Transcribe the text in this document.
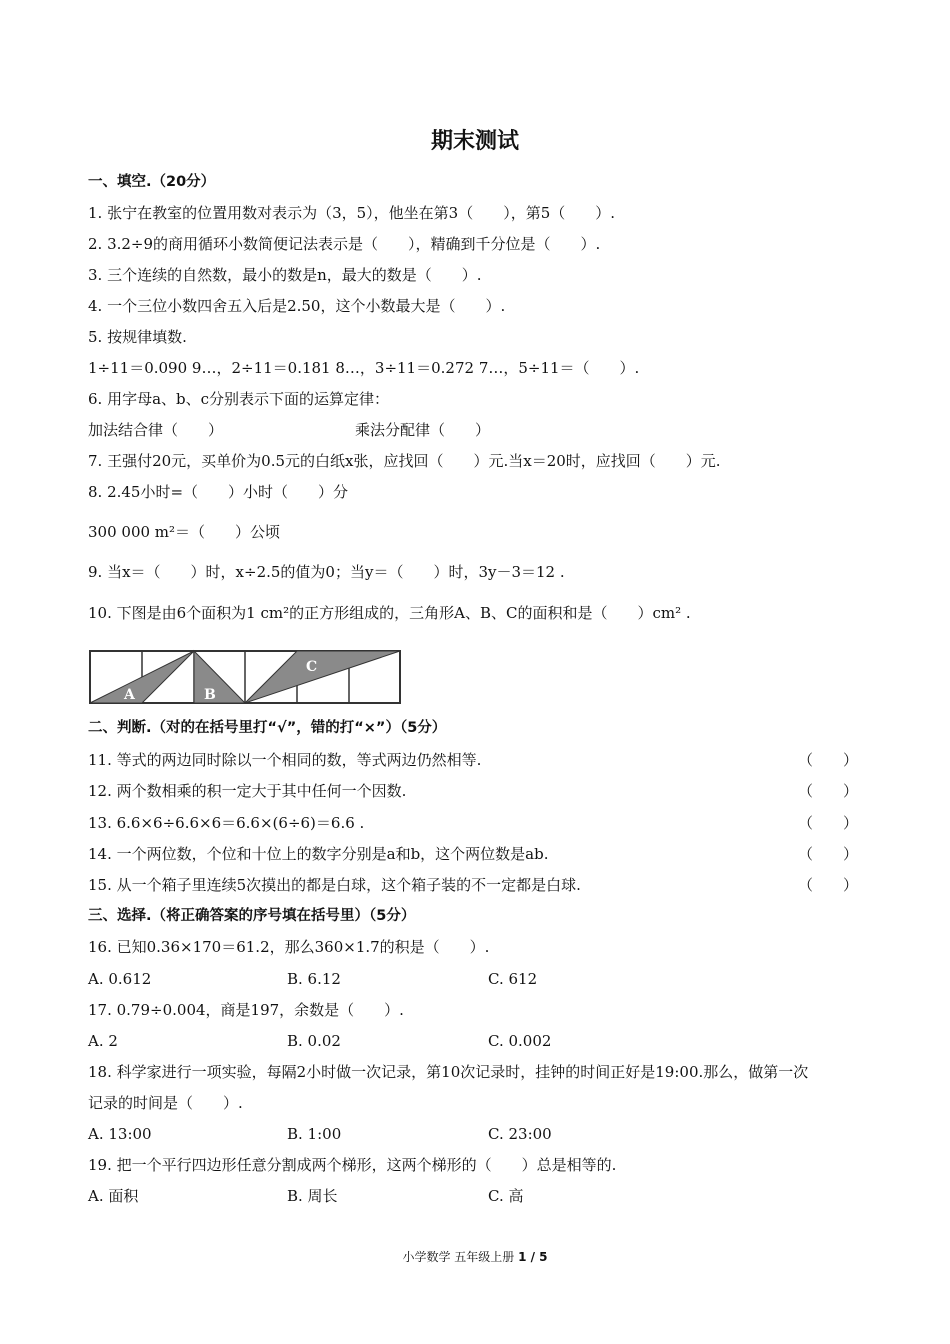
期末测试
一、填空.（20分）
1. 张宁在教室的位置用数对表示为（3，5），他坐在第3（　　），第5（　　）.
2. 3.2÷9的商用循环小数简便记法表示是（　　），精确到千分位是（　　）.
3. 三个连续的自然数，最小的数是n，最大的数是（　　）.
4. 一个三位小数四舍五入后是2.50，这个小数最大是（　　）.
5. 按规律填数.
1÷11＝0.090 9…，2÷11＝0.181 8…，3÷11＝0.272 7…，5÷11＝（　　）.
6. 用字母a、b、c分别表示下面的运算定律：
加法结合律（　　）	乘法分配律（　　）
7. 王强付20元，买单价为0.5元的白纸x张，应找回（　　）元.当x＝20时，应找回（　　）元.
8. 2.45小时=（　　）小时（　　）分
300 000 m²＝（　　）公顷
9. 当x＝（　　）时，x÷2.5的值为0；当y＝（　　）时，3y－3＝12 .
10. 下图是由6个面积为1 cm²的正方形组成的，三角形A、B、C的面积和是（　　）cm² .
A	B
C
二、判断.（对的在括号里打“√”，错的打“×”）（5分）
11. 等式的两边同时除以一个相同的数，等式两边仍然相等.	（　　）
12. 两个数相乘的积一定大于其中任何一个因数.	（　　）
13. 6.6×6÷6.6×6＝6.6×(6÷6)＝6.6 .	（　　）
14. 一个两位数，个位和十位上的数字分别是a和b，这个两位数是ab.	（　　）
15. 从一个箱子里连续5次摸出的都是白球，这个箱子装的不一定都是白球.	（　　）
三、选择.（将正确答案的序号填在括号里）（5分）
16. 已知0.36×170＝61.2，那么360×1.7的积是（　　）.
A. 0.612	B. 6.12	C. 612
17. 0.79÷0.004，商是197，余数是（　　）.
A. 2	B. 0.02	C. 0.002
18. 科学家进行一项实验，每隔2小时做一次记录，第10次记录时，挂钟的时间正好是19:00.那么，做第一次
记录的时间是（　　）.
A. 13:00	B. 1:00	C. 23:00
19. 把一个平行四边形任意分割成两个梯形，这两个梯形的（　　）总是相等的.
A. 面积	B. 周长	C. 高
小学数学 五年级上册 1 / 5
